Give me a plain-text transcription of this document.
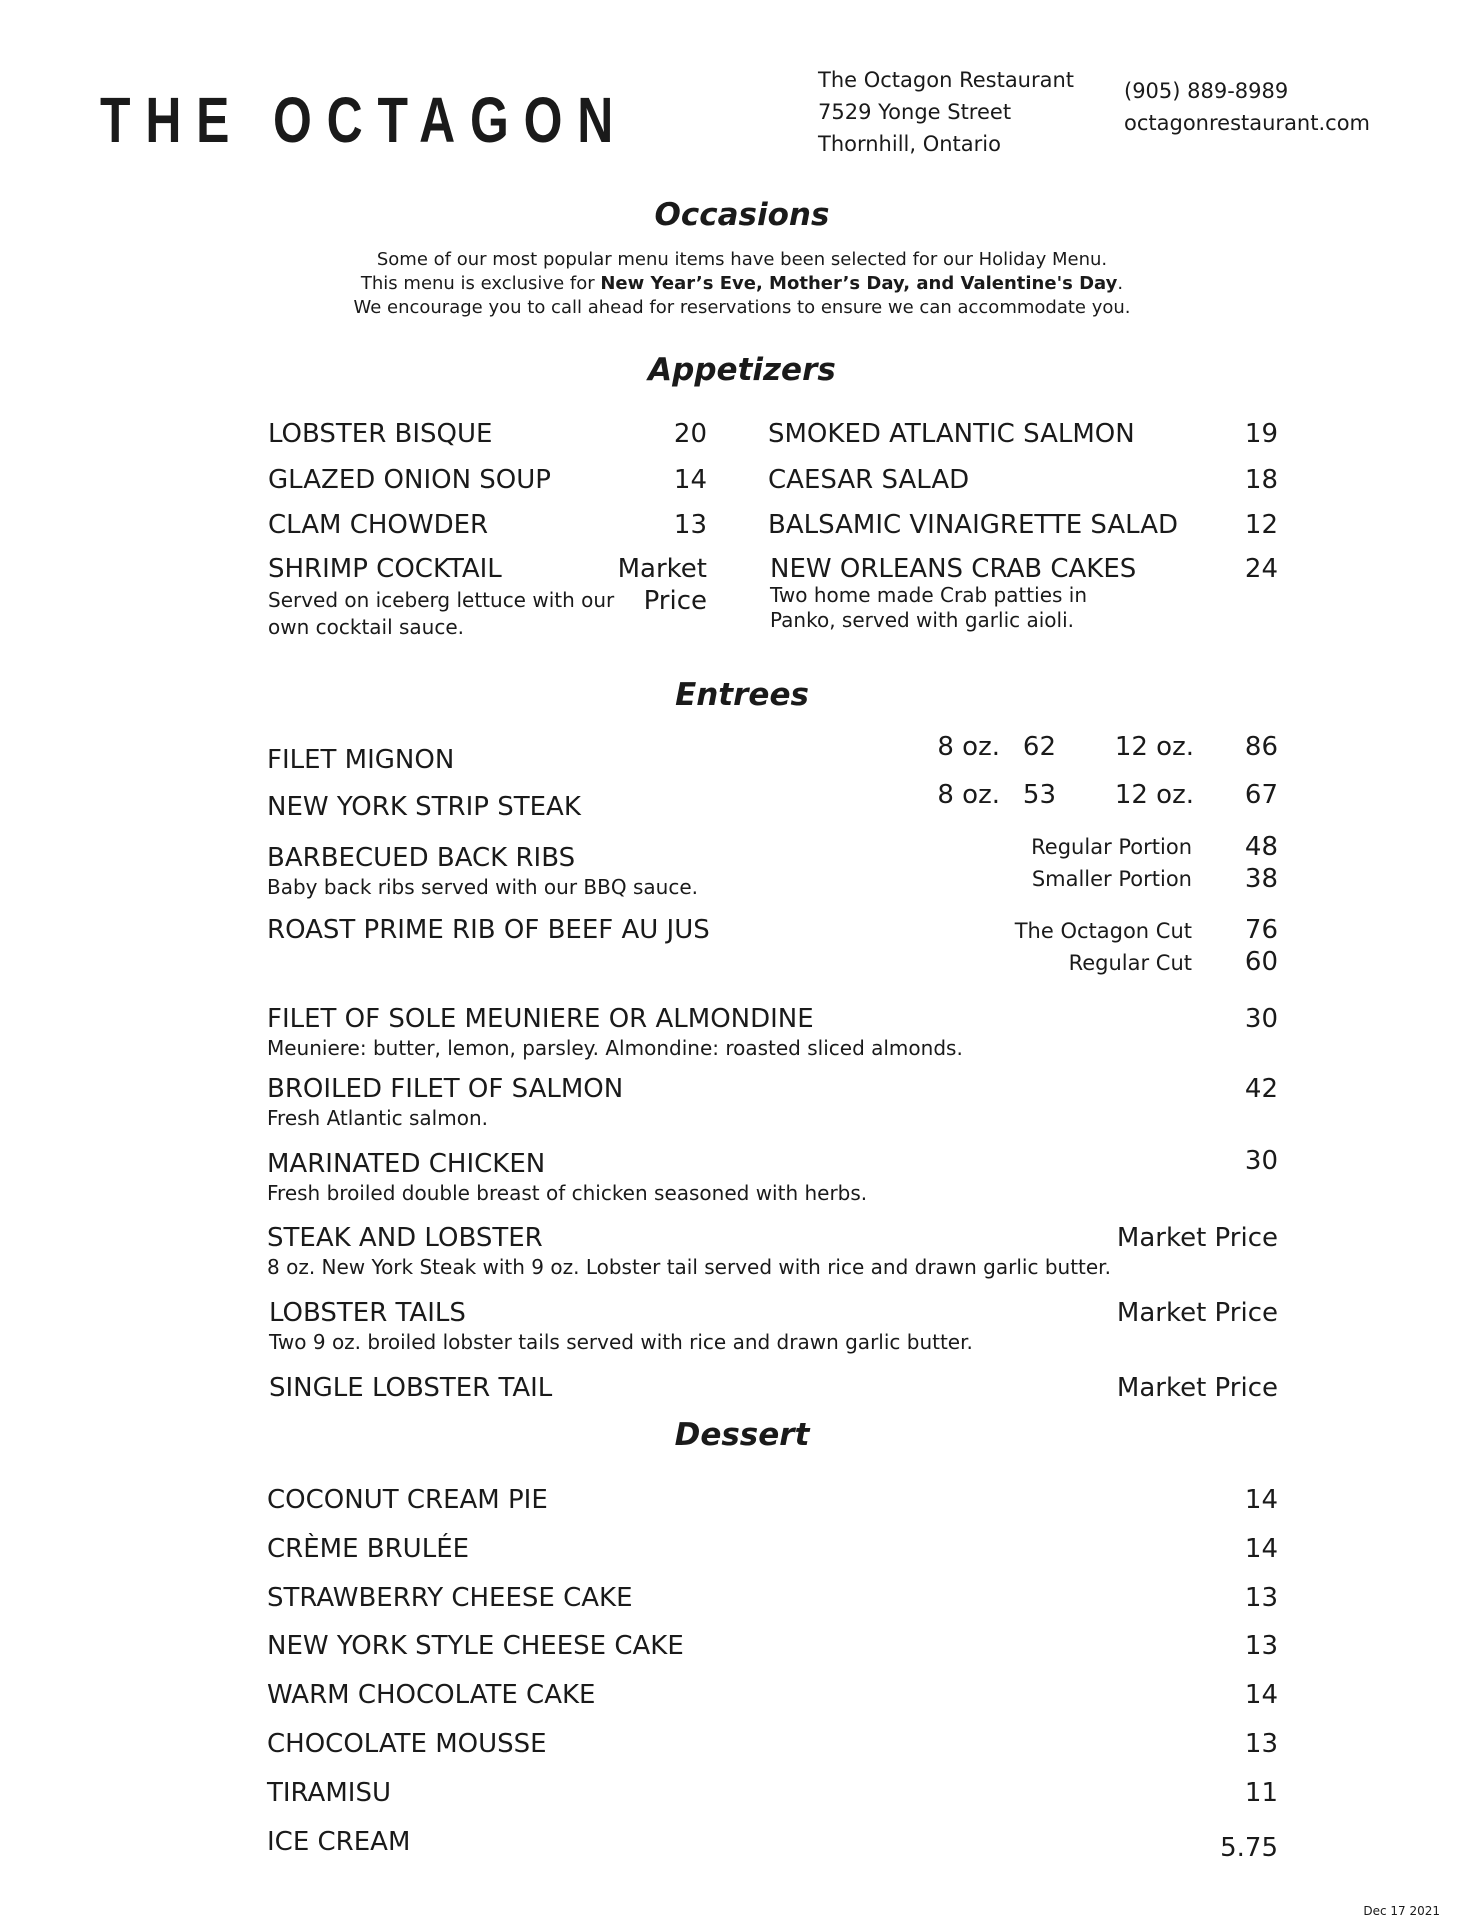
THE OCTAGON
The Octagon Restaurant
7529 Yonge Street
Thornhill, Ontario
(905) 889-8989
octagonrestaurant.com
Occasions
Some of our most popular menu items have been selected for our Holiday Menu.
This menu is exclusive for New Year’s Eve, Mother’s Day, and Valentine's Day.
We encourage you to call ahead for reservations to ensure we can accommodate you.
Appetizers
LOBSTER BISQUE	20
GLAZED ONION SOUP	14
CLAM CHOWDER	13
SHRIMP COCKTAIL	Market
Price
Served on iceberg lettuce with our
own cocktail sauce.
SMOKED ATLANTIC SALMON	19
CAESAR SALAD	18
BALSAMIC VINAIGRETTE SALAD	12
NEW ORLEANS CRAB CAKES	24
Two home made Crab patties in
Panko, served with garlic aioli.
Entrees
FILET MIGNON	8 oz. 62 12 oz. 86
NEW YORK STRIP STEAK	8 oz. 53 12 oz. 67
BARBECUED BACK RIBS
Baby back ribs served with our BBQ sauce.
Regular Portion 48
Smaller Portion 38
ROAST PRIME RIB OF BEEF AU JUS	The Octagon Cut 76
Regular Cut 60
FILET OF SOLE MEUNIERE OR ALMONDINE	30
Meuniere: butter, lemon, parsley. Almondine: roasted sliced almonds.
BROILED FILET OF SALMON	42
Fresh Atlantic salmon.
MARINATED CHICKEN	30
Fresh broiled double breast of chicken seasoned with herbs.
STEAK AND LOBSTER	Market Price
8 oz. New York Steak with 9 oz. Lobster tail served with rice and drawn garlic butter.
LOBSTER TAILS	Market Price
Two 9 oz. broiled lobster tails served with rice and drawn garlic butter.
SINGLE LOBSTER TAIL	Market Price
Dessert
COCONUT CREAM PIE	14
CRÈME BRULÉE	14
STRAWBERRY CHEESE CAKE	13
NEW YORK STYLE CHEESE CAKE	13
WARM CHOCOLATE CAKE	14
CHOCOLATE MOUSSE	13
TIRAMISU	11
ICE CREAM	5.75
Dec 17 2021
